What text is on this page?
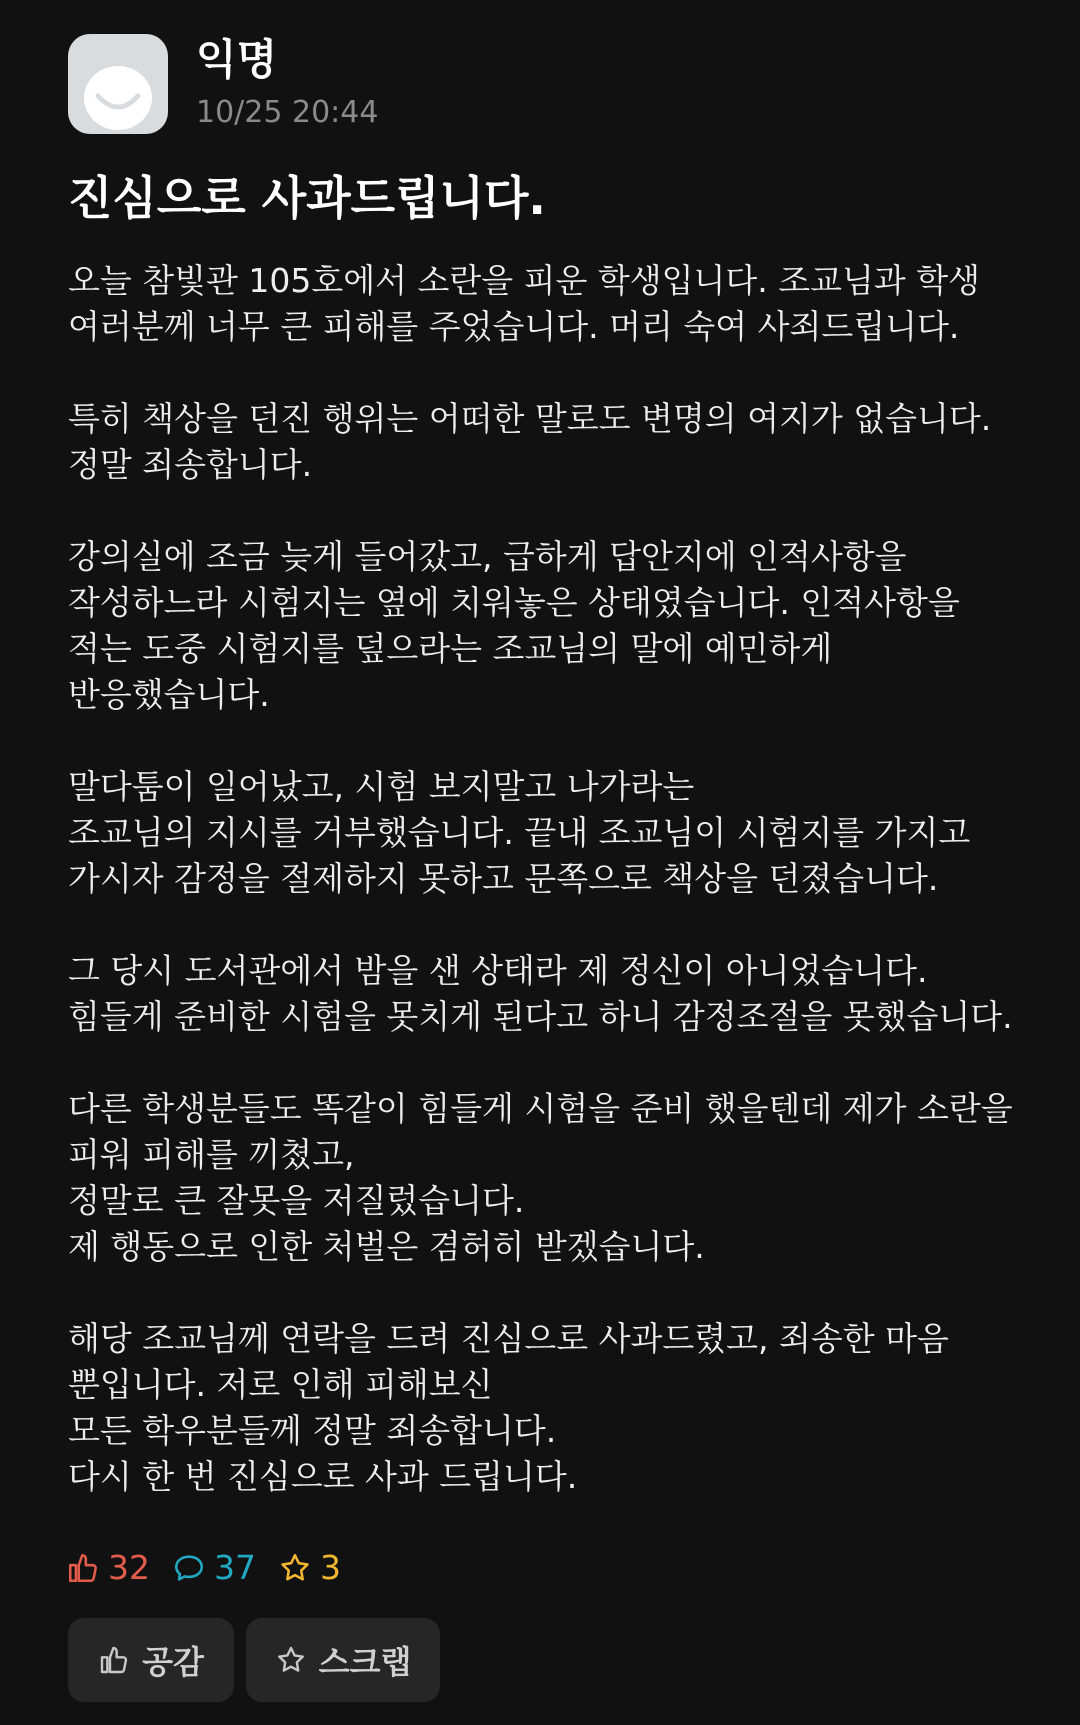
익명
10/25 20:44
진심으로 사과드립니다.
오늘 참빛관 105호에서 소란을 피운 학생입니다. 조교님과 학생
여러분께 너무 큰 피해를 주었습니다. 머리 숙여 사죄드립니다.
특히 책상을 던진 행위는 어떠한 말로도 변명의 여지가 없습니다.
정말 죄송합니다.
강의실에 조금 늦게 들어갔고, 급하게 답안지에 인적사항을
작성하느라 시험지는 옆에 치워놓은 상태였습니다. 인적사항을
적는 도중 시험지를 덮으라는 조교님의 말에 예민하게
반응했습니다.
말다툼이 일어났고, 시험 보지말고 나가라는
조교님의 지시를 거부했습니다. 끝내 조교님이 시험지를 가지고
가시자 감정을 절제하지 못하고 문쪽으로 책상을 던졌습니다.
그 당시 도서관에서 밤을 샌 상태라 제 정신이 아니었습니다.
힘들게 준비한 시험을 못치게 된다고 하니 감정조절을 못했습니다.
다른 학생분들도 똑같이 힘들게 시험을 준비 했을텐데 제가 소란을
피워 피해를 끼쳤고,
정말로 큰 잘못을 저질렀습니다.
제 행동으로 인한 처벌은 겸허히 받겠습니다.
해당 조교님께 연락을 드려 진심으로 사과드렸고, 죄송한 마음
뿐입니다. 저로 인해 피해보신
모든 학우분들께 정말 죄송합니다.
다시 한 번 진심으로 사과 드립니다.
32 37 3
공감	스크랩
